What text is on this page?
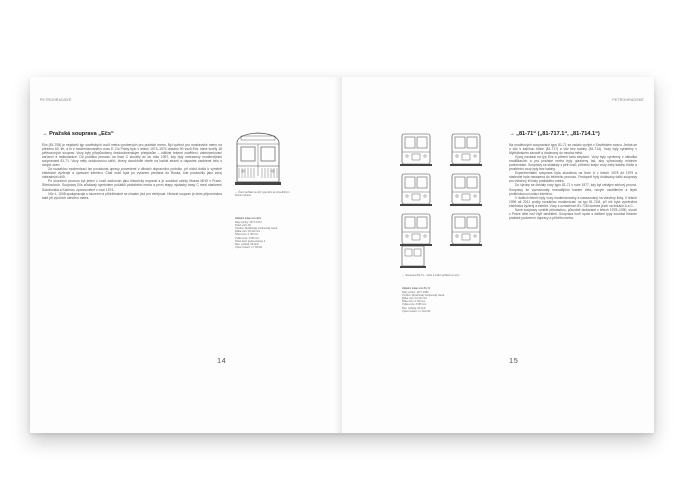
PETROHRADSKÉ
→ Pražská souprava „Ečs“

Ečs (81-708) je nejstarší typ sovětských vozů metra vyrobených pro pražské metro. Byl vyvinut pro moskevské metro na přelomu 60. let, a to z modernizovaného vozu E. Do Prahy bylo v letech 1973–1974 dodáno 90 vozů Ečs, které tvořily 18 pětivozových souprav. Vozy byly přizpůsobeny československým předpisům – odlišně řešené osvětlení, zabezpečovací zařízení a radiostanice. Od počátku provozu na lince C sloužily až do roku 1997, kdy byly nahrazeny modernějšími soupravami 81-71. Vozy měly celokovovou skříň, čtvery dvoukřídlé dveře na každé straně a nápadné zaoblené čelo s dvojicí oken.

Za rozsáhlou modernizaci lze považovat úpravy provedené v dílnách dopravního podniku, při nichž došlo k výměně elektrické výzbroje a úpravám interiéru. Část vozů byla po vyřazení předána do Ruska, kde posloužily jako zdroj náhradních dílů.

Po ukončení provozu byl jeden z vozů zachován jako historický exponát a je součástí sbírky Muzea MHD v Praze-Střešovicích. Soupravy Ečs zůstávají symbolem počátků pražského metra a první etapy výstavby trasy C mezi stanicemi Sokolovská a Kačerov, zprovozněné v roce 1974.

Vůz č. 1008 spolupracuje s muzeem a příležitostně se účastní jízd pro veřejnost. Historie souprav je dnes připomínána také při výročích otevření metra.

← Čelní pohled na vůz typu Ečs se dvoudílným čelním oknem
Základní údaje vozu Ečs
Roky výroby: 1973–1974
Počet vozů: 90
Výrobce: Mytiščinský strojírenský závod
Délka vozu: 19 210 mm
Šířka vozu: 2 700 mm
Výška vozu: 3 695 mm
Počet dveří (jedna strana): 4
Max. rychlost: 90 km/h
Výkon motorů: 4 × 66 kW
14
PETROHRADSKÉ
← Souprava 81-71 – čelní a zadní pohled na vozy
Základní údaje vozu 81-71
Roky výroby: 1977–1990
Výrobce: Mytiščinský strojírenský závod
Délka vozu: 19 210 mm
Šířka vozu: 2 700 mm
Výška vozu: 3 695 mm
Max. rychlost: 90 km/h
Výkon motorů: 4 × 110 kW
→ „81-71“ („81-717.1“, „81-714.1“)

Na modelových soupravách typu 81-71 se začalo vyvíjet v Sovětském svazu. Jedná se o vůz s kabinou řidiče (81-717) a vůz bez kabiny (81-714). Vozy byly vyráběny v Mytiščinském závodě a dodávány do mnoha měst.

Vývoj navázal na typ Ečs a přinesl řadu zlepšení. Vozy byly vyrobeny v několika modifikacích a pro pražské metro byly upraveny tak, aby vyhovovaly místním podmínkám. Soupravy se skládaly z pěti vozů, přičemž krajní vozy měly kabinu řidiče a prostřední vozy byly bez kabiny.

Experimentální souprava byla zkoušena na lince A v letech 1978 až 1979 a následně byla nasazena do běžného provozu. Postupně byly dodávány další soupravy pro všechny tři linky pražského metra.

Do výroby se dostaly vozy typu 81-71 v roce 1977, kdy byl zahájen sériový provoz. Soupravy se vyznačovaly hranatějším tvarem čela, novým osvětlením a lepší protihlukovou izolací interiéru.

V dalších letech byly vozy modernizovány a nasazovány na všechny linky. V letech 1996 až 2011 prošly rozsáhlou modernizací na typ 81-71M, při níž byla vyměněna elektrická výzbroj a interiér. Vozy s označením 81-71M dodnes jezdí na linkách A a C.

Nové soupravy vzniklé přestavbou, původně dodávané v letech 1978–1990, slouží v Praze déle než čtyři desetiletí. Souprava tvoří spolu s dalšími typy součást historie pražské podzemní dopravy a příběhu metra.

15
